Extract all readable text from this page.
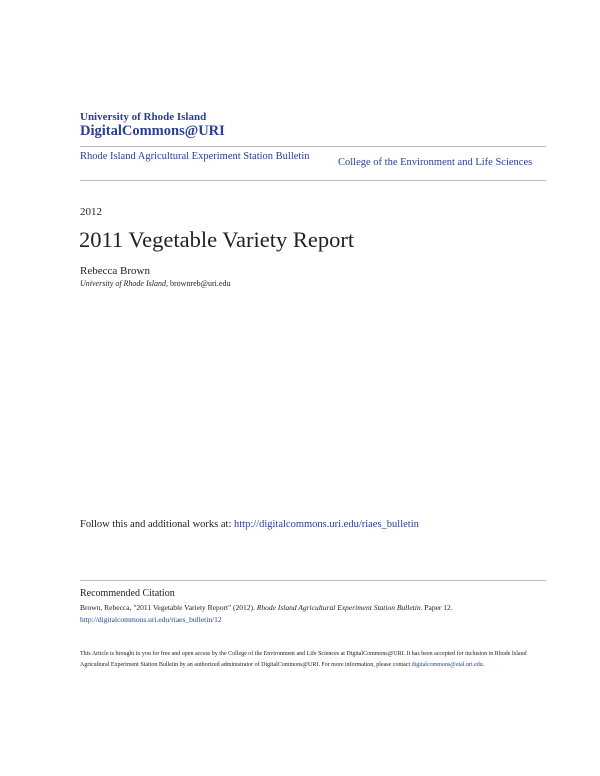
University of Rhode Island
DigitalCommons@URI
Rhode Island Agricultural Experiment Station Bulletin
College of the Environment and Life Sciences
2012
2011 Vegetable Variety Report
Rebecca Brown
University of Rhode Island, brownreb@uri.edu
Follow this and additional works at: http://digitalcommons.uri.edu/riaes_bulletin
Recommended Citation
Brown, Rebecca, "2011 Vegetable Variety Report" (2012). Rhode Island Agricultural Experiment Station Bulletin. Paper 12.
http://digitalcommons.uri.edu/riaes_bulletin/12
This Article is brought to you for free and open access by the College of the Environment and Life Sciences at DigitalCommons@URI. It has been accepted for inclusion in Rhode Island Agricultural Experiment Station Bulletin by an authorized administrator of DigitalCommons@URI. For more information, please contact digitalcommons@etal.uri.edu.
